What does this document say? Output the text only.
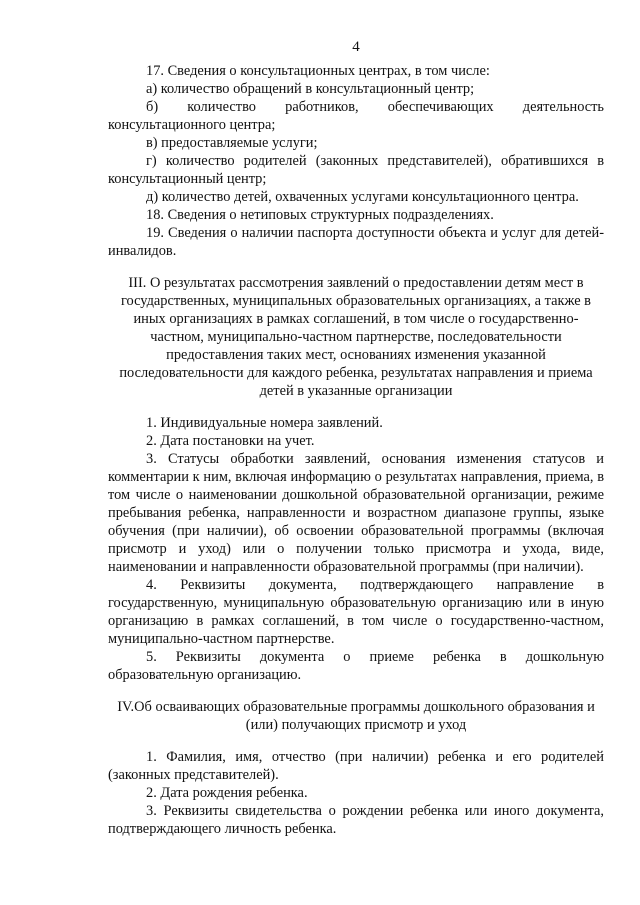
4

17. Сведения о консультационных центрах, в том числе:

а) количество обращений в консультационный центр;

б) количество работников, обеспечивающих деятельность консультационного центра;

в) предоставляемые услуги;

г) количество родителей (законных представителей), обратившихся в консультационный центр;

д) количество детей, охваченных услугами консультационного центра.

18. Сведения о нетиповых структурных подразделениях.

19. Сведения о наличии паспорта доступности объекта и услуг для детей-инвалидов.

III. О результатах рассмотрения заявлений о предоставлении детям мест в государственных, муниципальных образовательных организациях, а также в иных организациях в рамках соглашений, в том числе о государственно-частном, муниципально-частном партнерстве, последовательности предоставления таких мест, основаниях изменения указанной последовательности для каждого ребенка, результатах направления и приема детей в указанные организации

1. Индивидуальные номера заявлений.

2. Дата постановки на учет.

3. Статусы обработки заявлений, основания изменения статусов и комментарии к ним, включая информацию о результатах направления, приема, в том числе о наименовании дошкольной образовательной организации, режиме пребывания ребенка, направленности и возрастном диапазоне группы, языке обучения (при наличии), об освоении образовательной программы (включая присмотр и уход) или о получении только присмотра и ухода, виде, наименовании и направленности образовательной программы (при наличии).

4. Реквизиты документа, подтверждающего направление в государственную, муниципальную образовательную организацию или в иную организацию в рамках соглашений, в том числе о государственно-частном, муниципально-частном партнерстве.

5. Реквизиты документа о приеме ребенка в дошкольную образовательную организацию.

IV.Об осваивающих образовательные программы дошкольного образования и (или) получающих присмотр и уход

1. Фамилия, имя, отчество (при наличии) ребенка и его родителей (законных представителей).

2. Дата рождения ребенка.

3. Реквизиты свидетельства о рождении ребенка или иного документа, подтверждающего личность ребенка.
